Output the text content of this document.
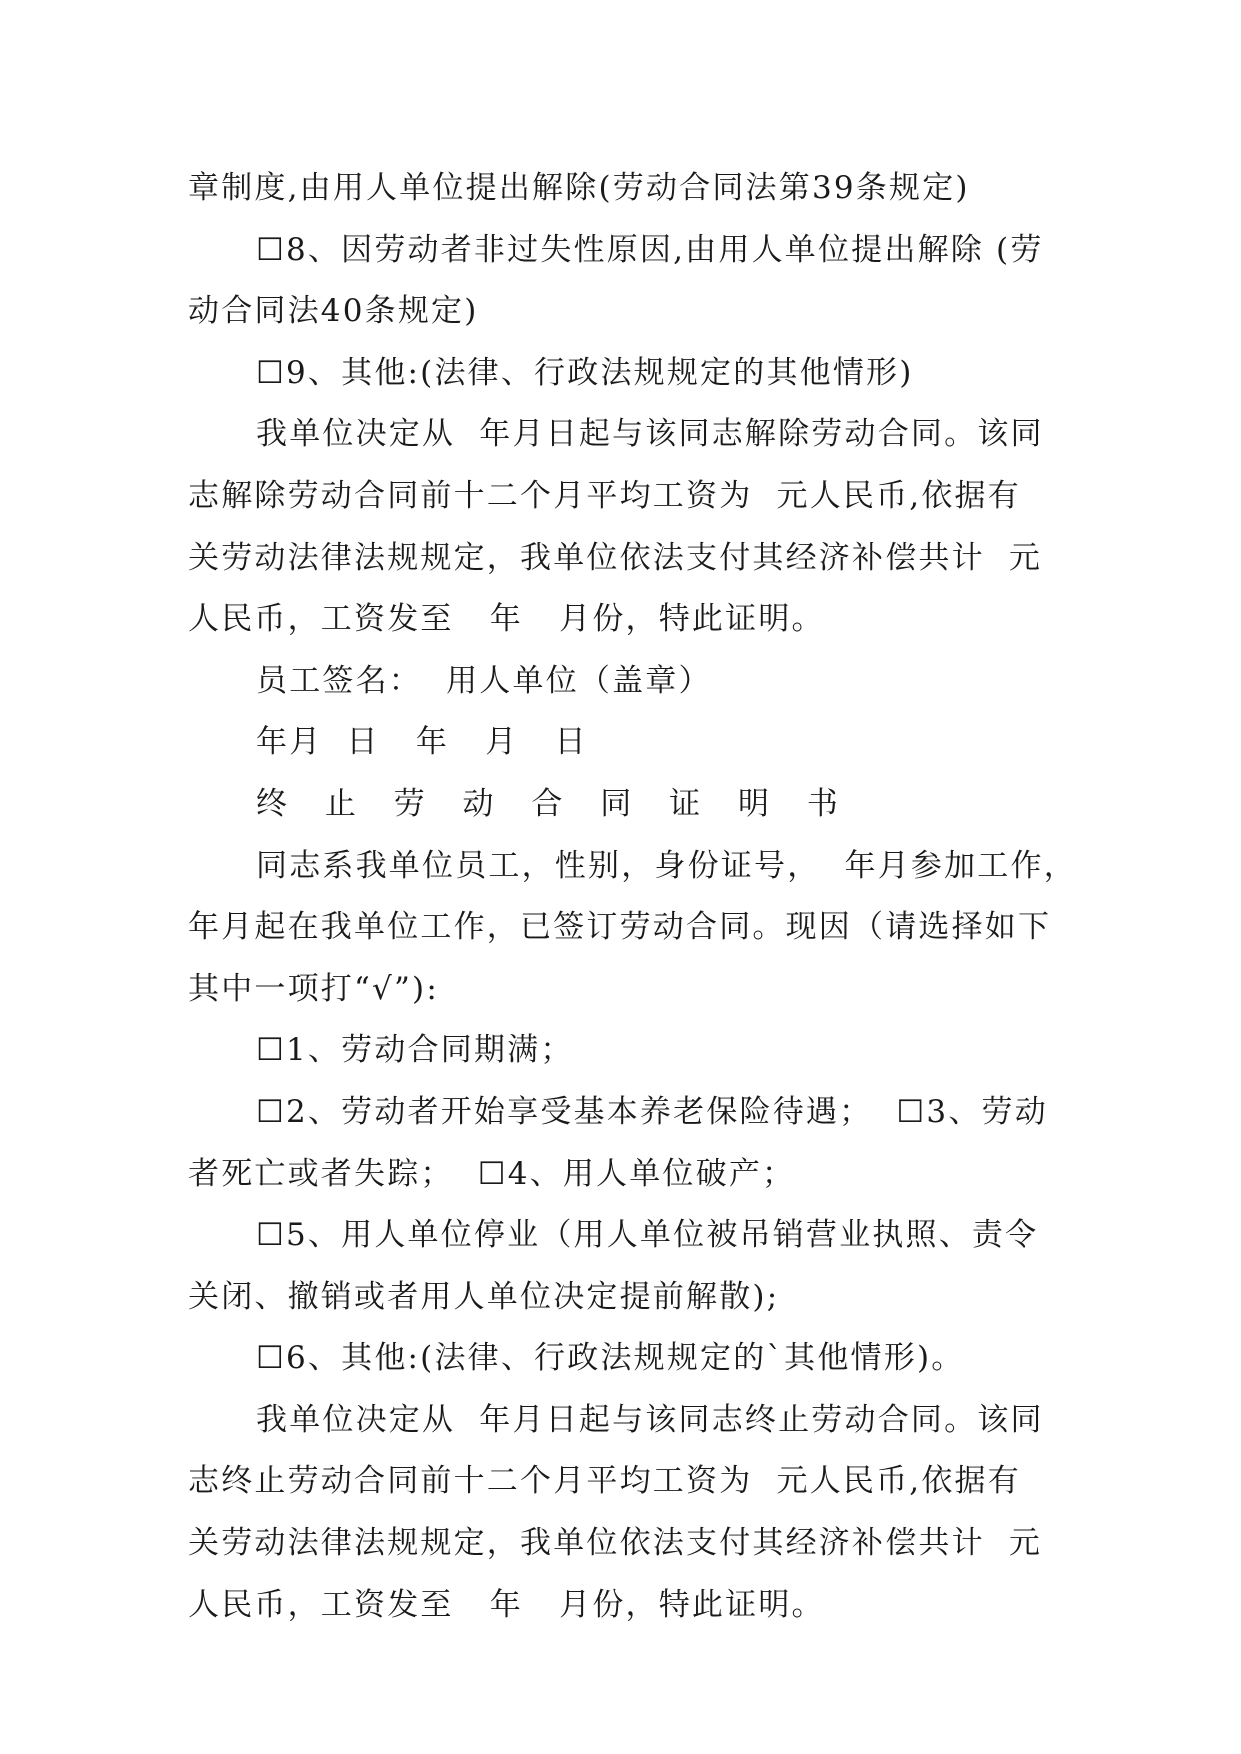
章制度,由用人单位提出解除(劳动合同法第39条规定)
☐8、因劳动者非过失性原因,由用人单位提出解除 (劳
动合同法40条规定)
☐9、其他:(法律、行政法规规定的其他情形)
我单位决定从  年月日起与该同志解除劳动合同。该同
志解除劳动合同前十二个月平均工资为  元人民币,依据有
关劳动法律法规规定，我单位依法支付其经济补偿共计  元
人民币，工资发至   年   月份，特此证明。
员工签名：  用人单位（盖章）
年月  日   年   月   日
终 止 劳 动 合 同 证 明 书
同志系我单位员工，性别，身份证号，  年月参加工作，
年月起在我单位工作，已签订劳动合同。现因（请选择如下
其中一项打“√”):
☐1、劳动合同期满；
☐2、劳动者开始享受基本养老保险待遇；  ☐3、劳动
者死亡或者失踪；  ☐4、用人单位破产；
☐5、用人单位停业（用人单位被吊销营业执照、责令
关闭、撤销或者用人单位决定提前解散);
☐6、其他:(法律、行政法规规定的`其他情形)。
我单位决定从  年月日起与该同志终止劳动合同。该同
志终止劳动合同前十二个月平均工资为  元人民币,依据有
关劳动法律法规规定，我单位依法支付其经济补偿共计  元
人民币，工资发至   年   月份，特此证明。
